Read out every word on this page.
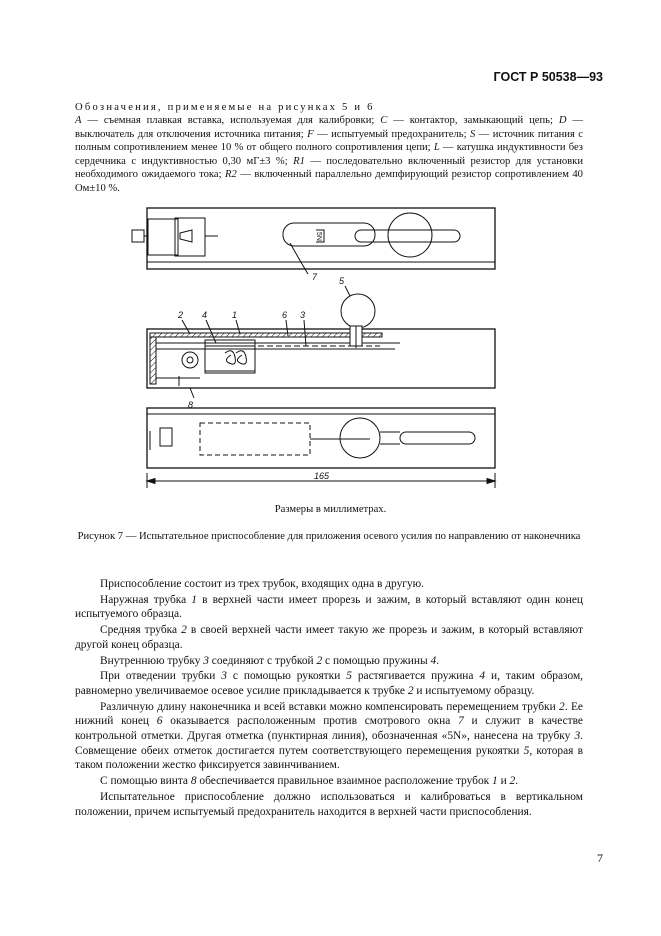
ГОСТ Р 50538—93
Обозначения, применяемые на рисунках 5 и 6
A — съемная плавкая вставка, используемая для калибровки; C — контактор, замыкающий цепь; D — выключатель для отключения источника питания; F — испытуемый предохранитель; S — источник питания с полным сопротивлением менее 10 % от общего полного сопротивления цепи; L — катушка индуктивности без сердечника с индуктивностью 0,30 мГ±3 %; R1 — последовательно включенный резистор для установки необходимого ожидаемого тока; R2 — включенный параллельно демпфирующий резистор сопротивлением 40 Ом±10 %.
7 5
2 4	1	6 3
8
5N
165
Размеры в миллиметрах.
Рисунок 7 — Испытательное приспособление для приложения осевого усилия по направлению от наконечника

Приспособление состоит из трех трубок, входящих одна в другую.

Наружная трубка 1 в верхней части имеет прорезь и зажим, в который вставляют один конец испытуемого образца.

Средняя трубка 2 в своей верхней части имеет такую же прорезь и зажим, в который вставляют другой конец образца.

Внутреннюю трубку 3 соединяют с трубкой 2 с помощью пружины 4.

При отведении трубки 3 с помощью рукоятки 5 растягивается пружина 4 и, таким образом, равномерно увеличиваемое осевое усилие прикладывается к трубке 2 и испытуемому образцу.

Различную длину наконечника и всей вставки можно компенсировать перемещением трубки 2. Ее нижний конец 6 оказывается расположенным против смотрового окна 7 и служит в качестве контрольной отметки. Другая отметка (пунктирная линия), обозначенная «5N», нанесена на трубку 3. Совмещение обеих отметок достигается путем соответствующего перемещения рукоятки 5, которая в таком положении жестко фиксируется завинчиванием.

С помощью винта 8 обеспечивается правильное взаимное расположение трубок 1 и 2.

Испытательное приспособление должно использоваться и калиброваться в вертикальном положении, причем испытуемый предохранитель находится в верхней части приспособления.

7
